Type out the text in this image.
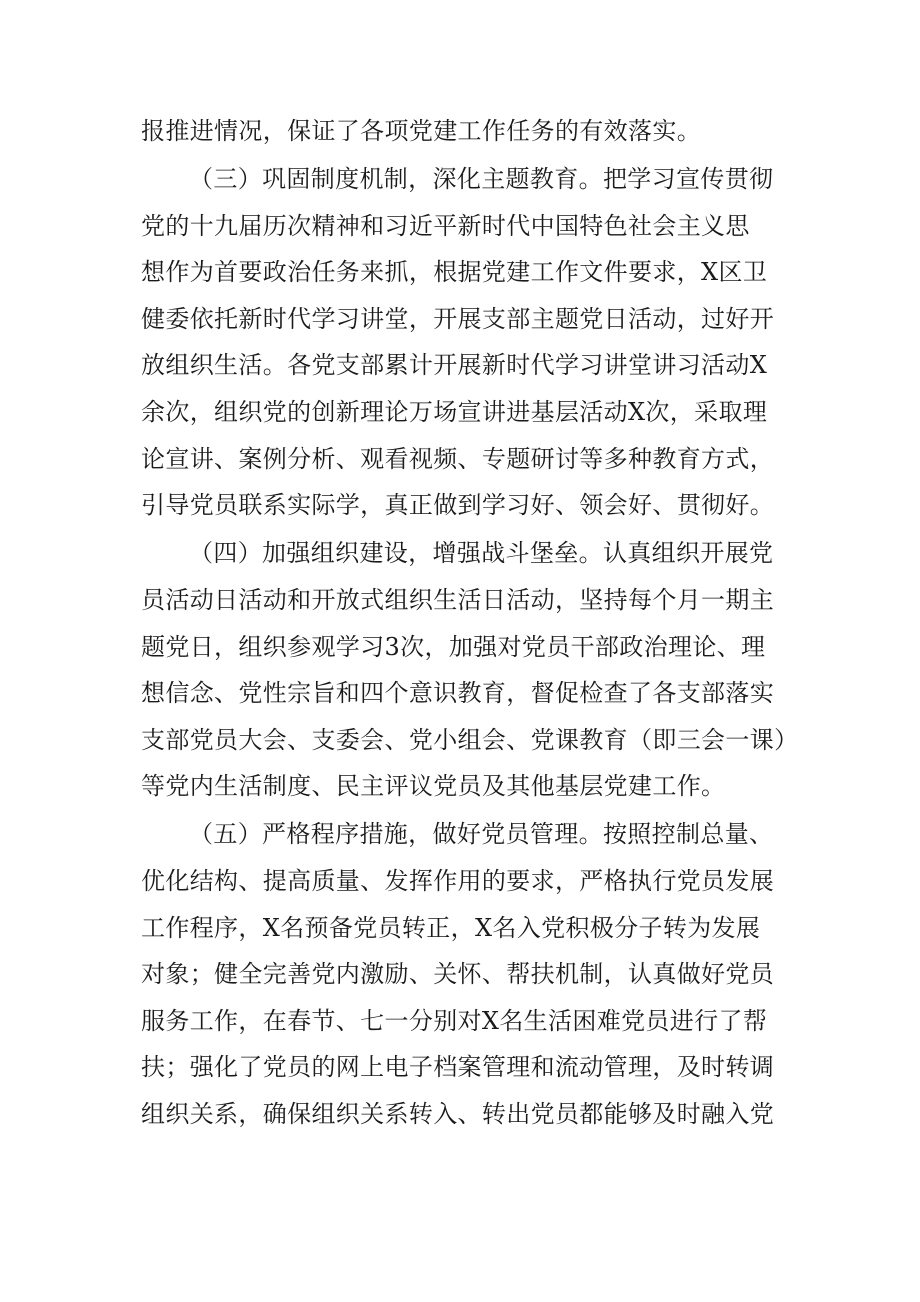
报推进情况，保证了各项党建工作任务的有效落实。
（三）巩固制度机制，深化主题教育。把学习宣传贯彻
党的十九届历次精神和习近平新时代中国特色社会主义思
想作为首要政治任务来抓，根据党建工作文件要求，X区卫
健委依托新时代学习讲堂，开展支部主题党日活动，过好开
放组织生活。各党支部累计开展新时代学习讲堂讲习活动X
余次，组织党的创新理论万场宣讲进基层活动X次，采取理
论宣讲、案例分析、观看视频、专题研讨等多种教育方式，
引导党员联系实际学，真正做到学习好、领会好、贯彻好。
（四）加强组织建设，增强战斗堡垒。认真组织开展党
员活动日活动和开放式组织生活日活动，坚持每个月一期主
题党日，组织参观学习3次，加强对党员干部政治理论、理
想信念、党性宗旨和四个意识教育，督促检查了各支部落实
支部党员大会、支委会、党小组会、党课教育（即三会一课）
等党内生活制度、民主评议党员及其他基层党建工作。
（五）严格程序措施，做好党员管理。按照控制总量、
优化结构、提高质量、发挥作用的要求，严格执行党员发展
工作程序，X名预备党员转正，X名入党积极分子转为发展
对象；健全完善党内激励、关怀、帮扶机制，认真做好党员
服务工作，在春节、七一分别对X名生活困难党员进行了帮
扶；强化了党员的网上电子档案管理和流动管理，及时转调
组织关系，确保组织关系转入、转出党员都能够及时融入党
